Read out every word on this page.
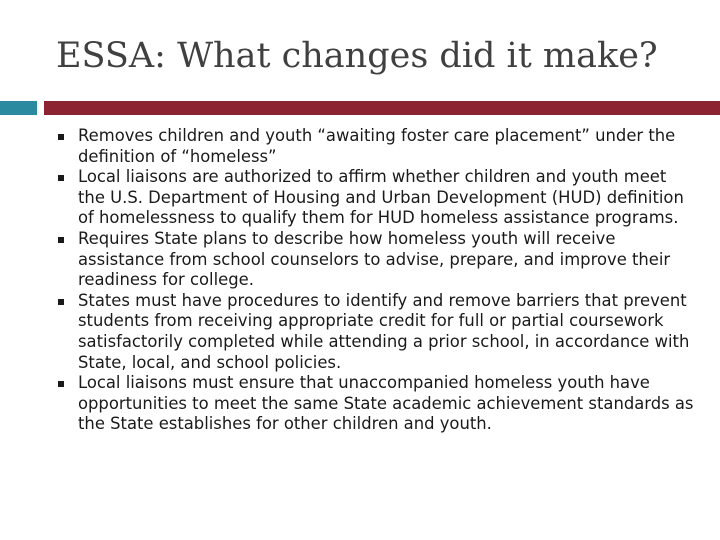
ESSA: What changes did it make?
Removes children and youth “awaiting foster care placement” under the definition of “homeless”
Local liaisons are authorized to affirm whether children and youth meet the U.S. Department of Housing and Urban Development (HUD) definition of homelessness to qualify them for HUD homeless assistance programs.
Requires State plans to describe how homeless youth will receive assistance from school counselors to advise, prepare, and improve their readiness for college.
States must have procedures to identify and remove barriers that prevent students from receiving appropriate credit for full or partial coursework satisfactorily completed while attending a prior school, in accordance with State, local, and school policies.
Local liaisons must ensure that unaccompanied homeless youth have opportunities to meet the same State academic achievement standards as the State establishes for other children and youth.
